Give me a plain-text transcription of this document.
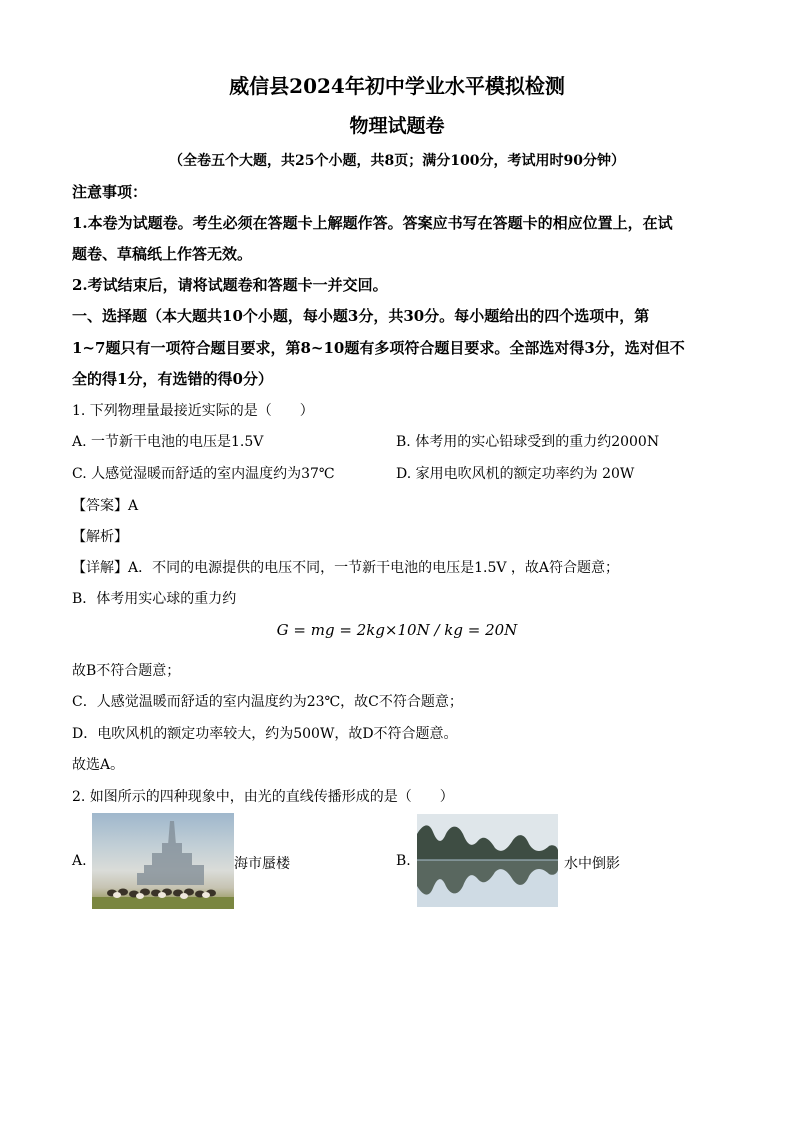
威信县2024年初中学业水平模拟检测
物理试题卷
（全卷五个大题，共25个小题，共8页；满分100分，考试用时90分钟）
注意事项：
1.本卷为试题卷。考生必须在答题卡上解题作答。答案应书写在答题卡的相应位置上，在试
题卷、草稿纸上作答无效。
2.考试结束后，请将试题卷和答题卡一并交回。
一、选择题（本大题共10个小题，每小题3分，共30分。每小题给出的四个选项中，第
1~7题只有一项符合题目要求，第8~10题有多项符合题目要求。全部选对得3分，选对但不
全的得1分，有选错的得0分）
1. 下列物理量最接近实际的是（　　）
A. 一节新干电池的电压是1.5V	B. 体考用的实心铅球受到的重力约2000N
C. 人感觉湿暖而舒适的室内温度约为37℃	D. 家用电吹风机的额定功率约为 20W
【答案】A
【解析】
【详解】A．不同的电源提供的电压不同，一节新干电池的电压是1.5V ，故A符合题意；
B．体考用实心球的重力约
G = mg = 2kg×10N / kg = 20N
故B不符合题意；
C．人感觉温暖而舒适的室内温度约为23℃，故C不符合题意；
D．电吹风机的额定功率较大，约为500W，故D不符合题意。
故选A。
2. 如图所示的四种现象中，由光的直线传播形成的是（　　）
A.	海市蜃楼	B.	水中倒影
